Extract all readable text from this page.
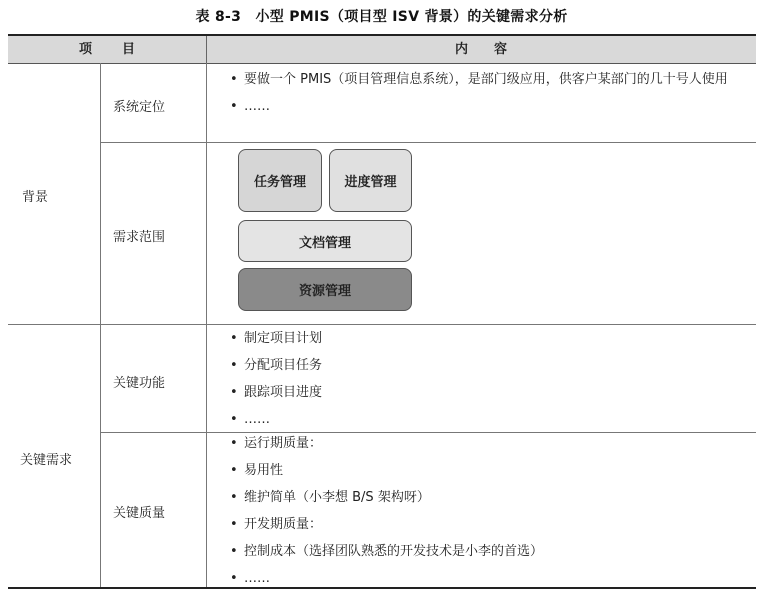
表 8-3　小型 PMIS（项目型 ISV 背景）的关键需求分析
项目	内容
背景
关键需求
系统定位
需求范围
关键功能
关键质量
• 要做一个 PMIS（项目管理信息系统），是部门级应用，供客户某部门的几十号人使用
• ……
任务管理	进度管理
文档管理
资源管理
• 制定项目计划
• 分配项目任务
• 跟踪项目进度
• ……
• 运行期质量：
• 易用性
• 维护简单（小李想 B/S 架构呀）
• 开发期质量：
• 控制成本（选择团队熟悉的开发技术是小李的首选）
• ……
